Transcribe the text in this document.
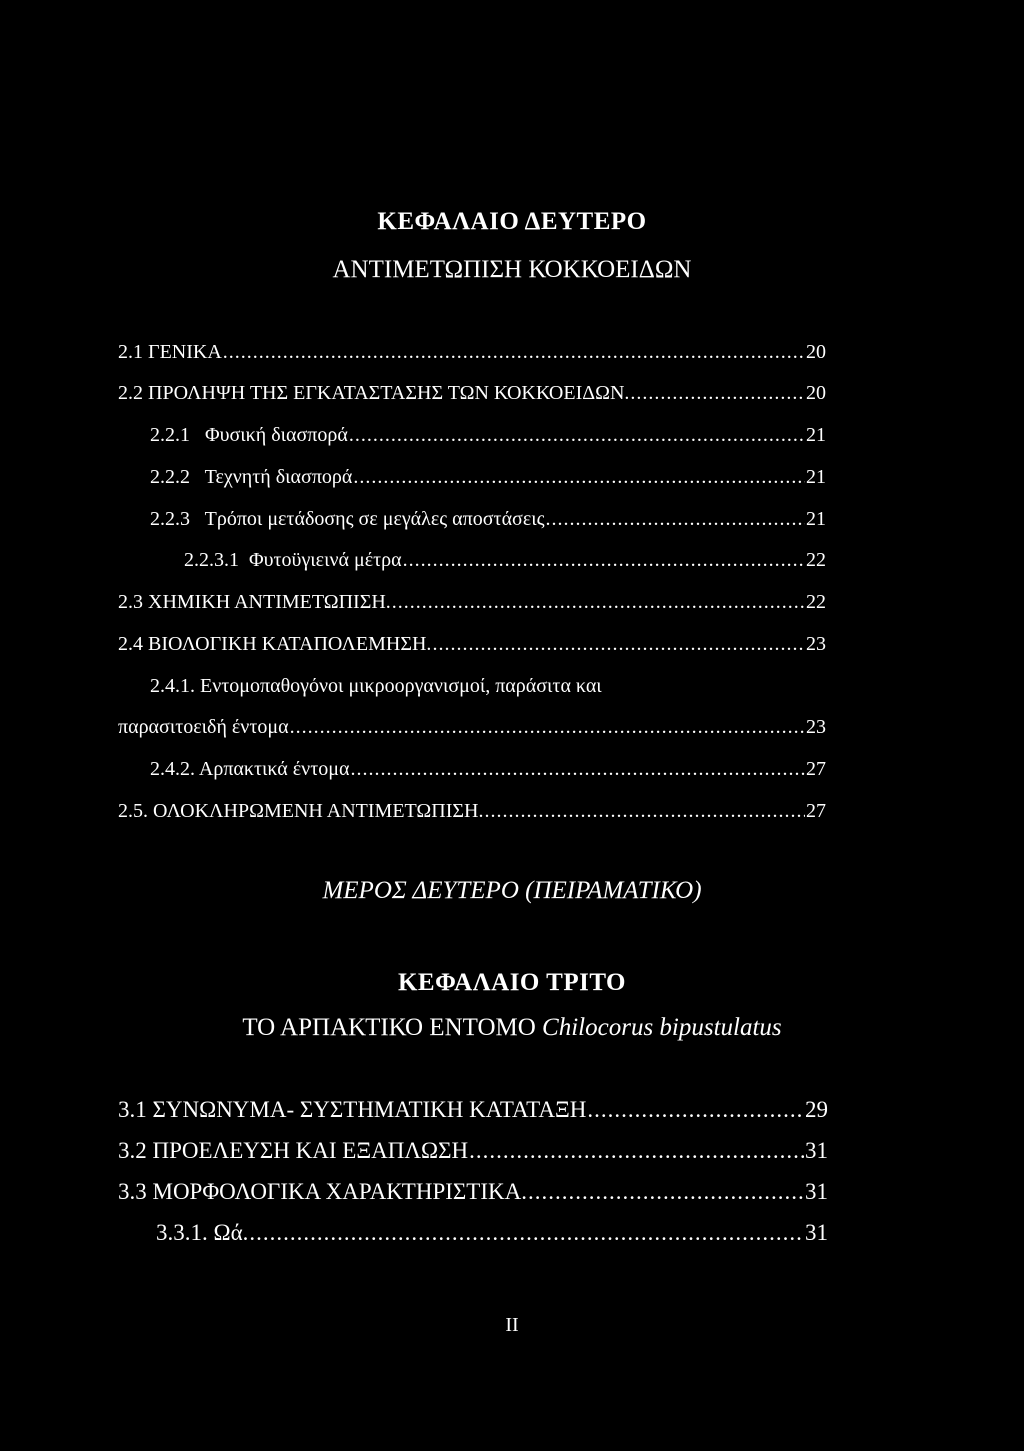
ΚΕΦΑΛΑΙΟ ΔΕΥΤΕΡΟ
ΑΝΤΙΜΕΤΩΠΙΣΗ ΚΟΚΚΟΕΙΔΩΝ
2.1 ΓΕΝΙΚΑ .....	20
2.2 ΠΡΟΛΗΨΗ ΤΗΣ ΕΓΚΑΤΑΣΤΑΣΗΣ ΤΩΝ ΚΟΚΚΟΕΙΔΩΝ. .....	20
2.2.1   Φυσική διασπορά .....	21
2.2.2   Τεχνητή διασπορά .....	21
2.2.3   Τρόποι μετάδοσης σε μεγάλες αποστάσεις .....	21
2.2.3.1  Φυτοϋγιεινά μέτρα .....	22
2.3 ΧΗΜΙΚΗ ΑΝΤΙΜΕΤΩΠΙΣΗ. .....	22
2.4 ΒΙΟΛΟΓΙΚΗ ΚΑΤΑΠΟΛΕΜΗΣΗ. .....	23
2.4.1. Εντομοπαθογόνοι μικροοργανισμοί, παράσιτα και
παρασιτοειδή έντομα .....	23
2.4.2. Αρπακτικά έντομα .....	27
2.5. ΟΛΟΚΛΗΡΩΜΕΝΗ ΑΝΤΙΜΕΤΩΠΙΣΗ. .....	27
ΜΕΡΟΣ ΔΕΥΤΕΡΟ (ΠΕΙΡΑΜΑΤΙΚΟ)
ΚΕΦΑΛΑΙΟ ΤΡΙΤΟ
ΤΟ ΑΡΠΑΚΤΙΚΟ ΕΝΤΟΜΟ Chilocorus bipustulatus
3.1 ΣΥΝΩΝΥΜΑ- ΣΥΣΤΗΜΑΤΙΚΗ ΚΑΤΑΤΑΞΗ .....	29
3.2 ΠΡΟΕΛΕΥΣΗ ΚΑΙ ΕΞΑΠΛΩΣΗ .....	31
3.3 ΜΟΡΦΟΛΟΓΙΚΑ ΧΑΡΑΚΤΗΡΙΣΤΙΚΑ. .....	31
3.3.1. Ωά. .....	31
II
